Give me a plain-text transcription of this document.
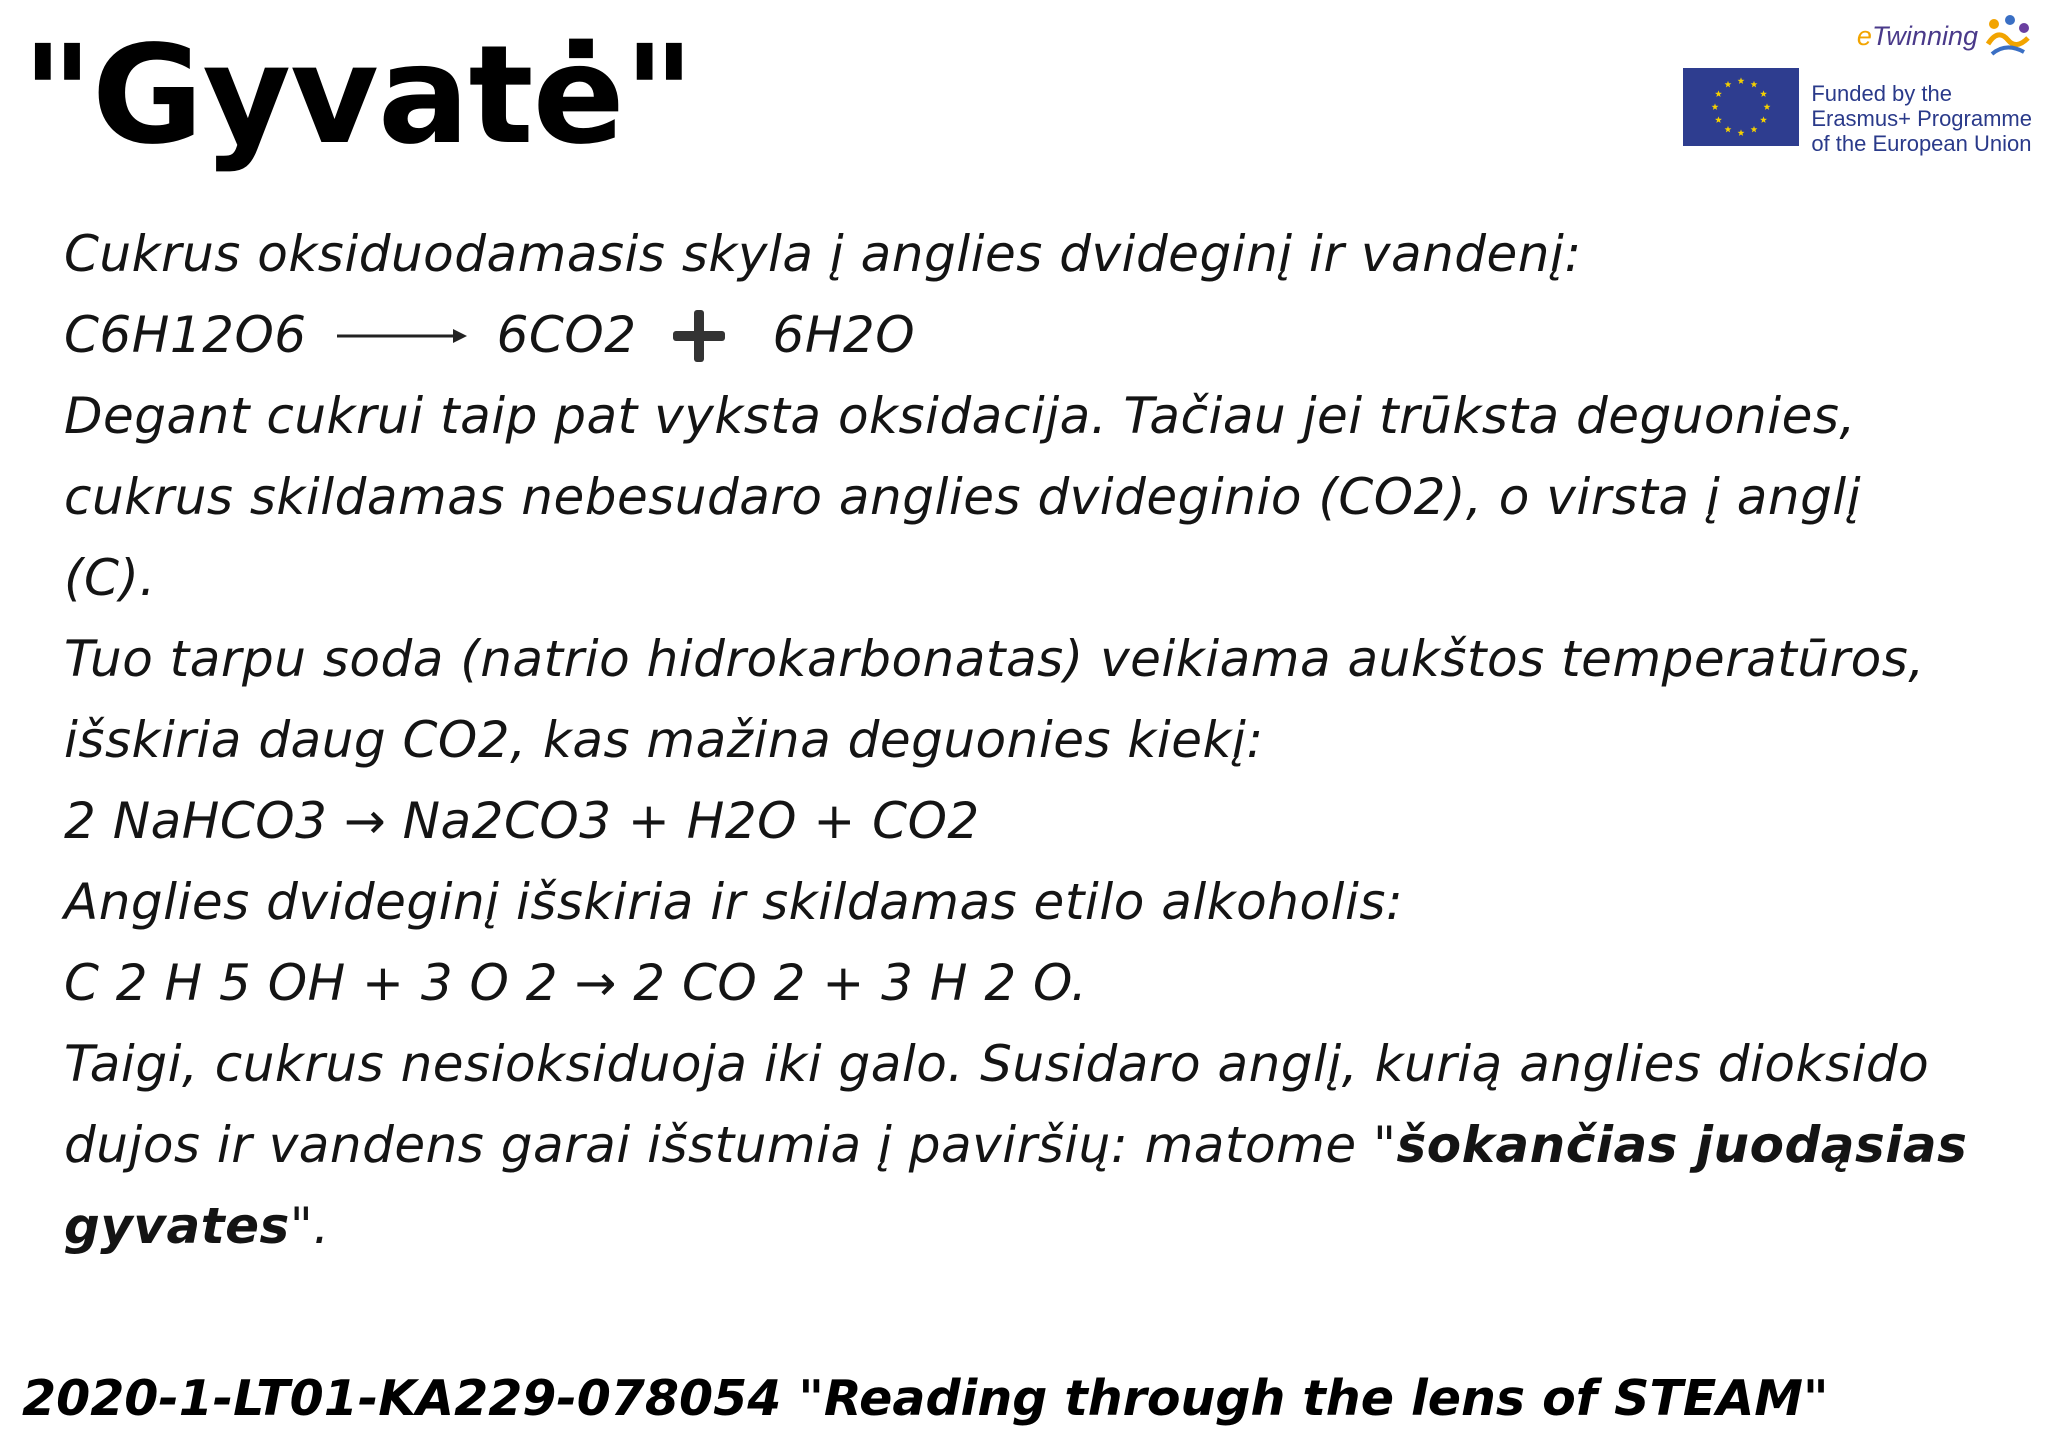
"Gyvatė"	eTwinning
Funded by the
Erasmus+ Programme
of the European Union
Cukrus oksiduodamasis skyla į anglies dvideginį ir vandenį:
C6H12O6 → 6CO2	6H2O
Degant cukrui taip pat vyksta oksidacija. Tačiau jei trūksta deguonies,
cukrus skildamas nebesudaro anglies dvideginio (CO2), o virsta į anglį
(C).
Tuo tarpu soda (natrio hidrokarbonatas) veikiama aukštos temperatūros,
išskiria daug CO2, kas mažina deguonies kiekį:
2 NaHCO3 → Na2CO3 + H2O + CO2
Anglies dvideginį išskiria ir skildamas etilo alkoholis:
C 2 H 5 OH + 3 O 2 → 2 CO 2 + 3 H 2 O.
Taigi, cukrus nesioksiduoja iki galo. Susidaro anglį, kurią anglies dioksido
dujos ir vandens garai išstumia į paviršių: matome "šokančias juodąsias
gyvates".
2020-1-LT01-KA229-078054 "Reading through the lens of STEAM"
